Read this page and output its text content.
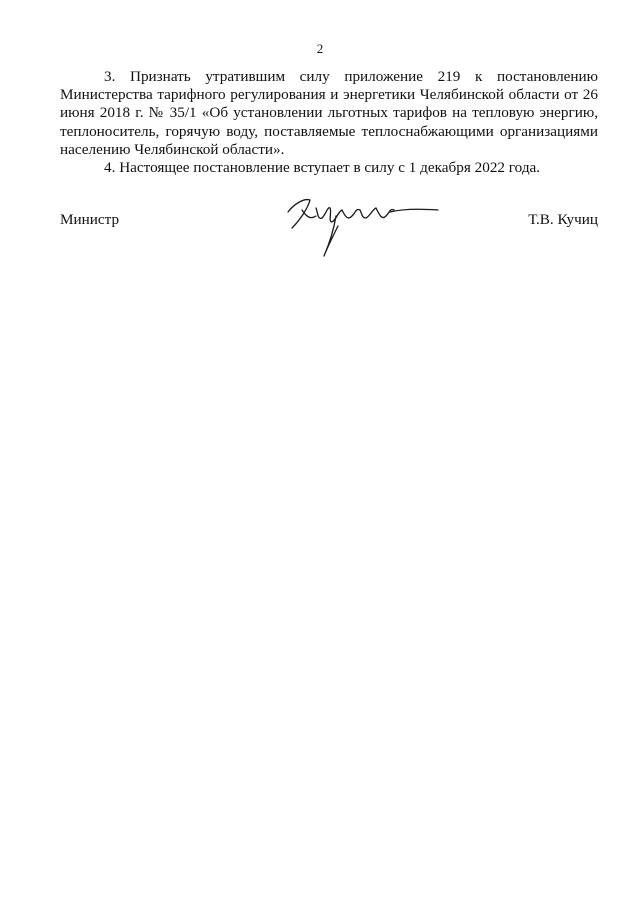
2

3. Признать утратившим силу приложение 219 к постановлению Министерства тарифного регулирования и энергетики Челябинской области от 26 июня 2018 г. № 35/1 «Об установлении льготных тарифов на тепловую энергию, теплоноситель, горячую воду, поставляемые теплоснабжающими организациями населению Челябинской области».

4. Настоящее постановление вступает в силу с 1 декабря 2022 года.

Министр	Т.В. Кучиц
